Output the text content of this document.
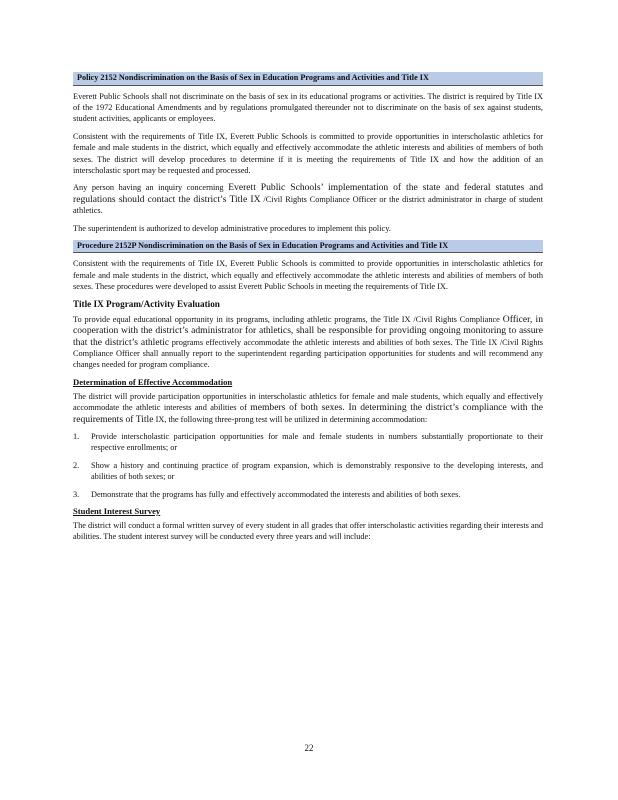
Policy 2152 Nondiscrimination on the Basis of Sex in Education Programs and Activities and Title IX

Everett Public Schools shall not discriminate on the basis of sex in its educational programs or activities. The district is required by Title IX of the 1972 Educational Amendments and by regulations promulgated thereunder not to discriminate on the basis of sex against students, student activities, applicants or employees.

Consistent with the requirements of Title IX, Everett Public Schools is committed to provide opportunities in interscholastic athletics for female and male students in the district, which equally and effectively accommodate the athletic interests and abilities of members of both sexes. The district will develop procedures to determine if it is meeting the requirements of Title IX and how the addition of an interscholastic sport may be requested and processed.

Any person having an inquiry concerning Everett Public Schools’ implementation of the state and federal statutes and regulations should contact the district’s Title IX /Civil Rights Compliance Officer or the district administrator in charge of student athletics.

The superintendent is authorized to develop administrative procedures to implement this policy.

Procedure 2152P Nondiscrimination on the Basis of Sex in Education Programs and Activities and Title IX

Consistent with the requirements of Title IX, Everett Public Schools is committed to provide opportunities in interscholastic athletics for female and male students in the district, which equally and effectively accommodate the athletic interests and abilities of members of both sexes. These procedures were developed to assist Everett Public Schools in meeting the requirements of Title IX.

Title IX Program/Activity Evaluation

To provide equal educational opportunity in its programs, including athletic programs, the Title IX /Civil Rights Compliance Officer, in cooperation with the district’s administrator for athletics, shall be responsible for providing ongoing monitoring to assure that the district’s athletic programs effectively accommodate the athletic interests and abilities of both sexes. The Title IX /Civil Rights Compliance Officer shall annually report to the superintendent regarding participation opportunities for students and will recommend any changes needed for program compliance.

Determination of Effective Accommodation

The district will provide participation opportunities in interscholastic athletics for female and male students, which equally and effectively accommodate the athletic interests and abilities of members of both sexes. In determining the district’s compliance with the requirements of Title IX, the following three-prong test will be utilized in determining accommodation:

1.	Provide interscholastic participation opportunities for male and female students in numbers substantially proportionate to their respective enrollments; or
2.	Show a history and continuing practice of program expansion, which is demonstrably responsive to the developing interests, and abilities of both sexes; or
3.	Demonstrate that the programs has fully and effectively accommodated the interests and abilities of both sexes.
Student Interest Survey

The district will conduct a formal written survey of every student in all grades that offer interscholastic activities regarding their interests and abilities. The student interest survey will be conducted every three years and will include:

22
